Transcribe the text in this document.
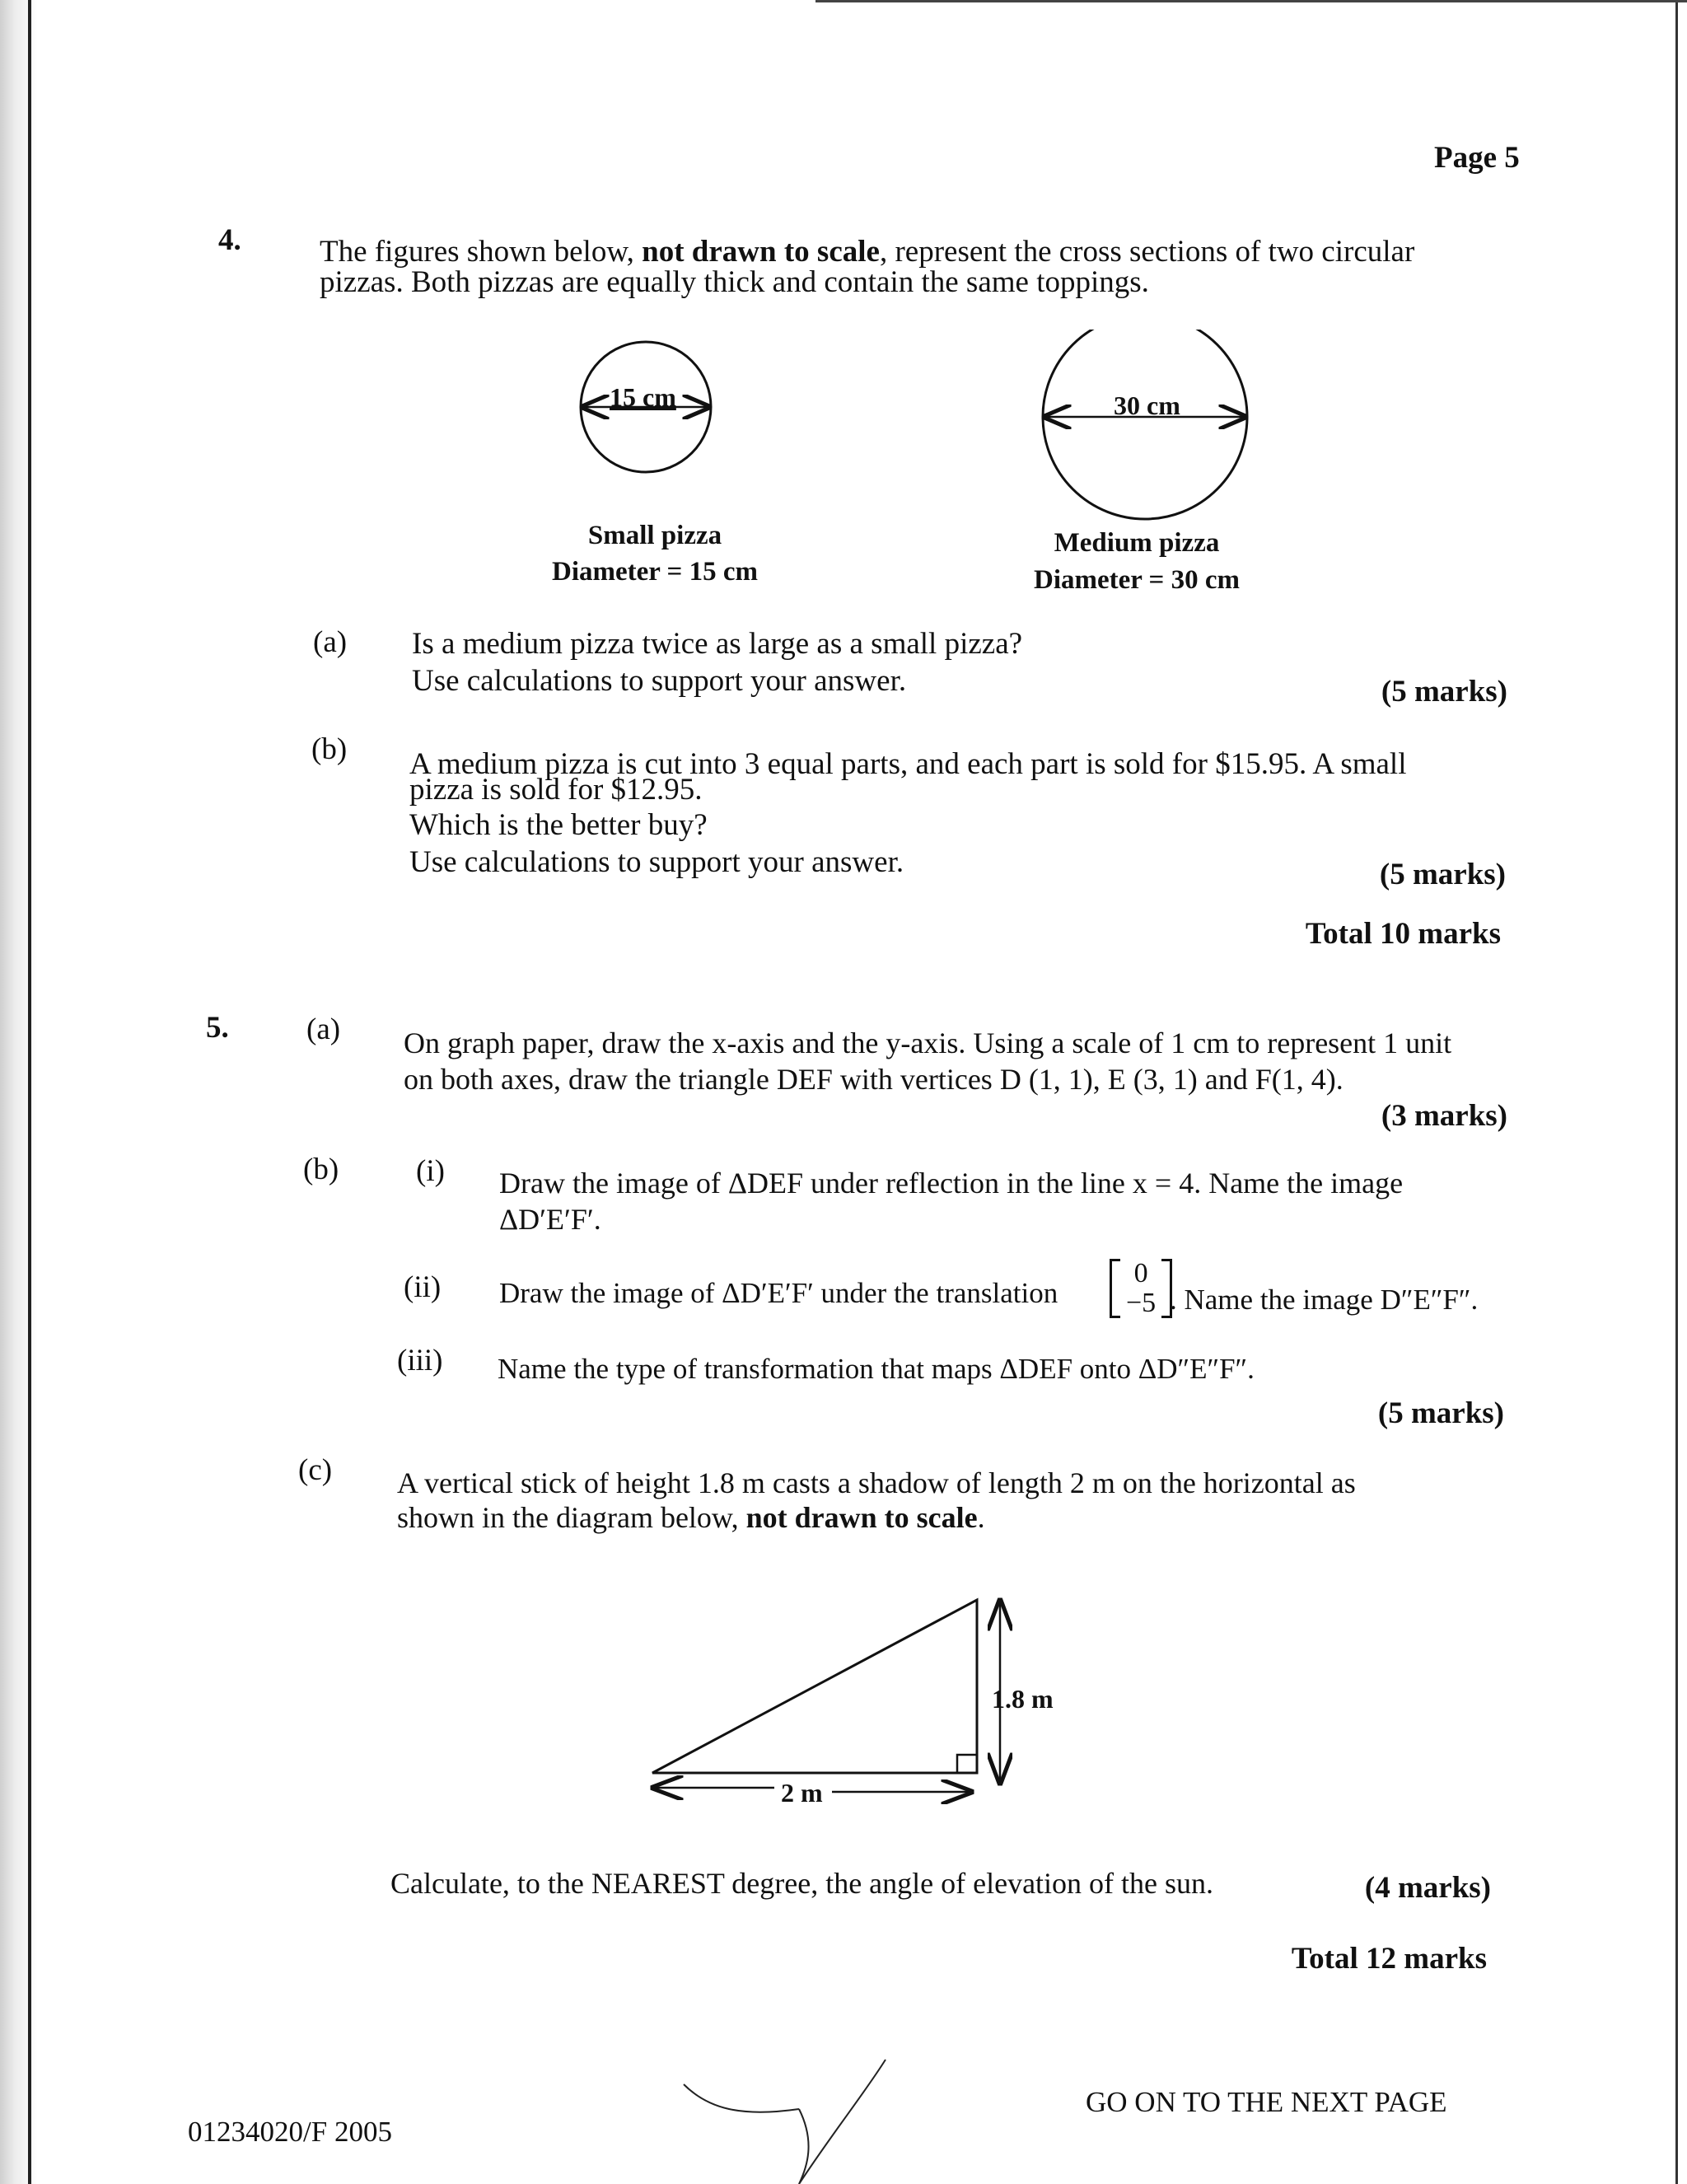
Page 5
4.	The figures shown below, not drawn to scale, represent the cross sections of two circular
pizzas. Both pizzas are equally thick and contain the same toppings.
15 cm	30 cm
Small pizza
Diameter = 15 cm
Medium pizza
Diameter = 30 cm
(a) Is a medium pizza twice as large as a small pizza?
Use calculations to support your answer.	(5 marks)
(b) A medium pizza is cut into 3 equal parts, and each part is sold for $15.95. A small
pizza is sold for $12.95.
Which is the better buy?
Use calculations to support your answer.	(5 marks)
Total 10 marks
5.	(a) On graph paper, draw the x-axis and the y-axis. Using a scale of 1 cm to represent 1 unit
on both axes, draw the triangle DEF with vertices D (1, 1), E (3, 1) and F(1, 4).
(3 marks)
(b)	(i) Draw the image of ΔDEF under reflection in the line x = 4. Name the image
ΔD′E′F′.
(ii) Draw the image of ΔD′E′F′ under the translation
0
−5 . Name the image D″E″F″.
(iii) Name the type of transformation that maps ΔDEF onto ΔD″E″F″.
(5 marks)
(c) A vertical stick of height 1.8 m casts a shadow of length 2 m on the horizontal as
shown in the diagram below, not drawn to scale.
1.8 m
2 m
Calculate, to the NEAREST degree, the angle of elevation of the sun.	(4 marks)
Total 12 marks
01234020/F 2005
GO ON TO THE NEXT PAGE
